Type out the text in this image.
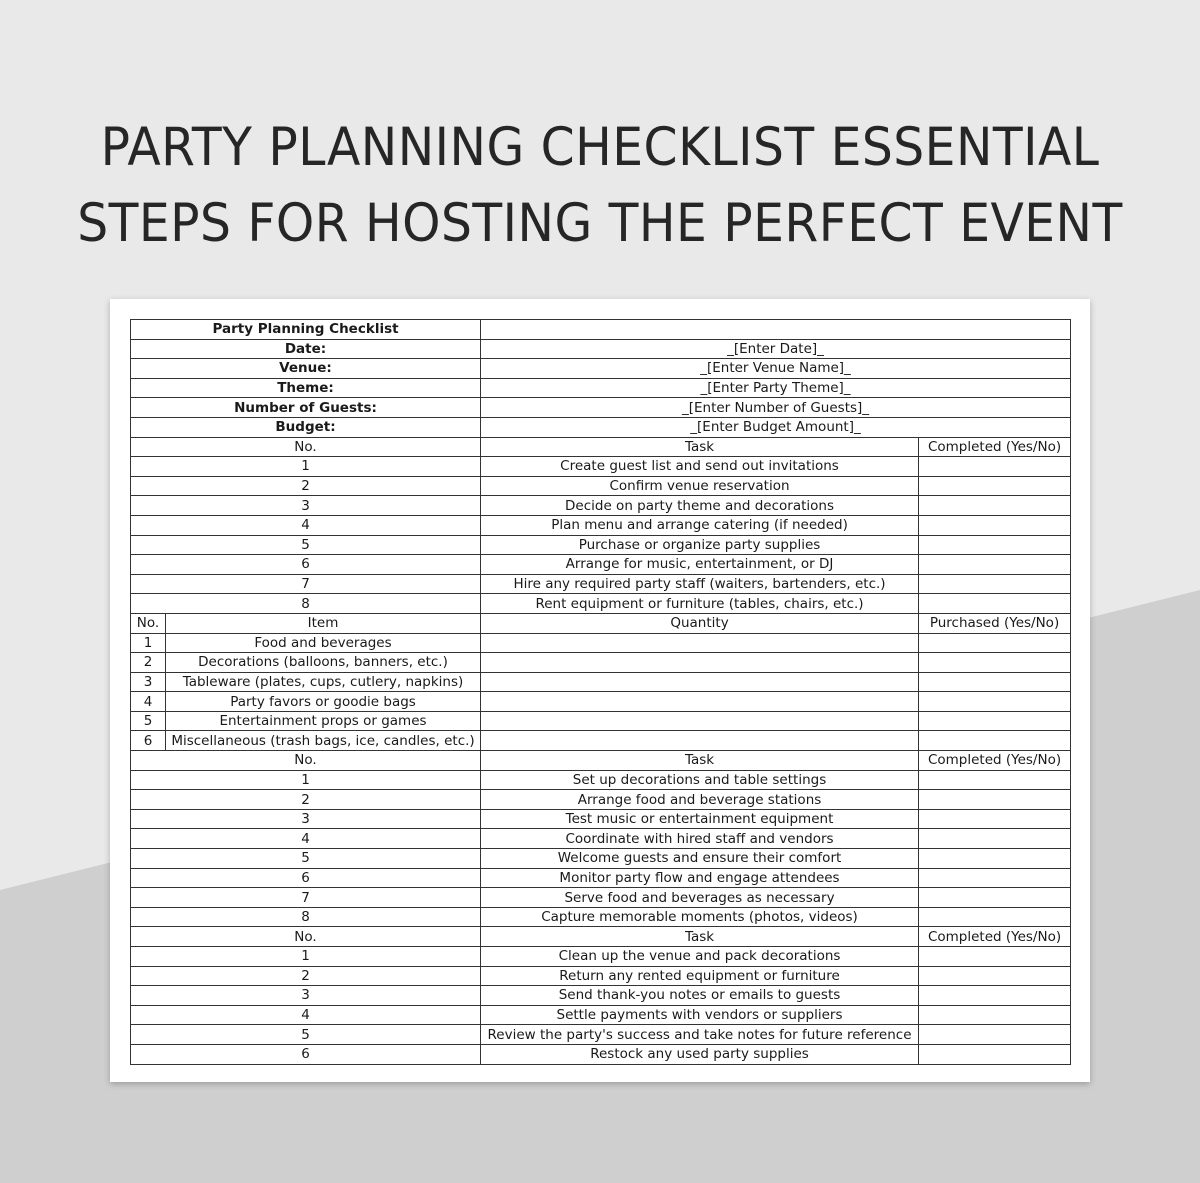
PARTY PLANNING CHECKLIST ESSENTIAL
STEPS FOR HOSTING THE PERFECT EVENT
Party Planning Checklist			
Date:		_[Enter Date]_	
Venue:		_[Enter Venue Name]_	
Theme:		_[Enter Party Theme]_	
Number of Guests:		_[Enter Number of Guests]_	
Budget:		_[Enter Budget Amount]_	
No.		Task	Completed (Yes/No)
1		Create guest list and send out invitations	
2		Confirm venue reservation	
3		Decide on party theme and decorations	
4		Plan menu and arrange catering (if needed)	
5		Purchase or organize party supplies	
6		Arrange for music, entertainment, or DJ	
7		Hire any required party staff (waiters, bartenders, etc.)	
8		Rent equipment or furniture (tables, chairs, etc.)	
No.	Item	Quantity	Purchased (Yes/No)
1	Food and beverages		
2	Decorations (balloons, banners, etc.)		
3	Tableware (plates, cups, cutlery, napkins)		
4	Party favors or goodie bags		
5	Entertainment props or games		
6	Miscellaneous (trash bags, ice, candles, etc.)		
No.		Task	Completed (Yes/No)
1		Set up decorations and table settings	
2		Arrange food and beverage stations	
3		Test music or entertainment equipment	
4		Coordinate with hired staff and vendors	
5		Welcome guests and ensure their comfort	
6		Monitor party flow and engage attendees	
7		Serve food and beverages as necessary	
8		Capture memorable moments (photos, videos)	
No.		Task	Completed (Yes/No)
1		Clean up the venue and pack decorations	
2		Return any rented equipment or furniture	
3		Send thank-you notes or emails to guests	
4		Settle payments with vendors or suppliers	
5		Review the party's success and take notes for future reference	
6		Restock any used party supplies	
